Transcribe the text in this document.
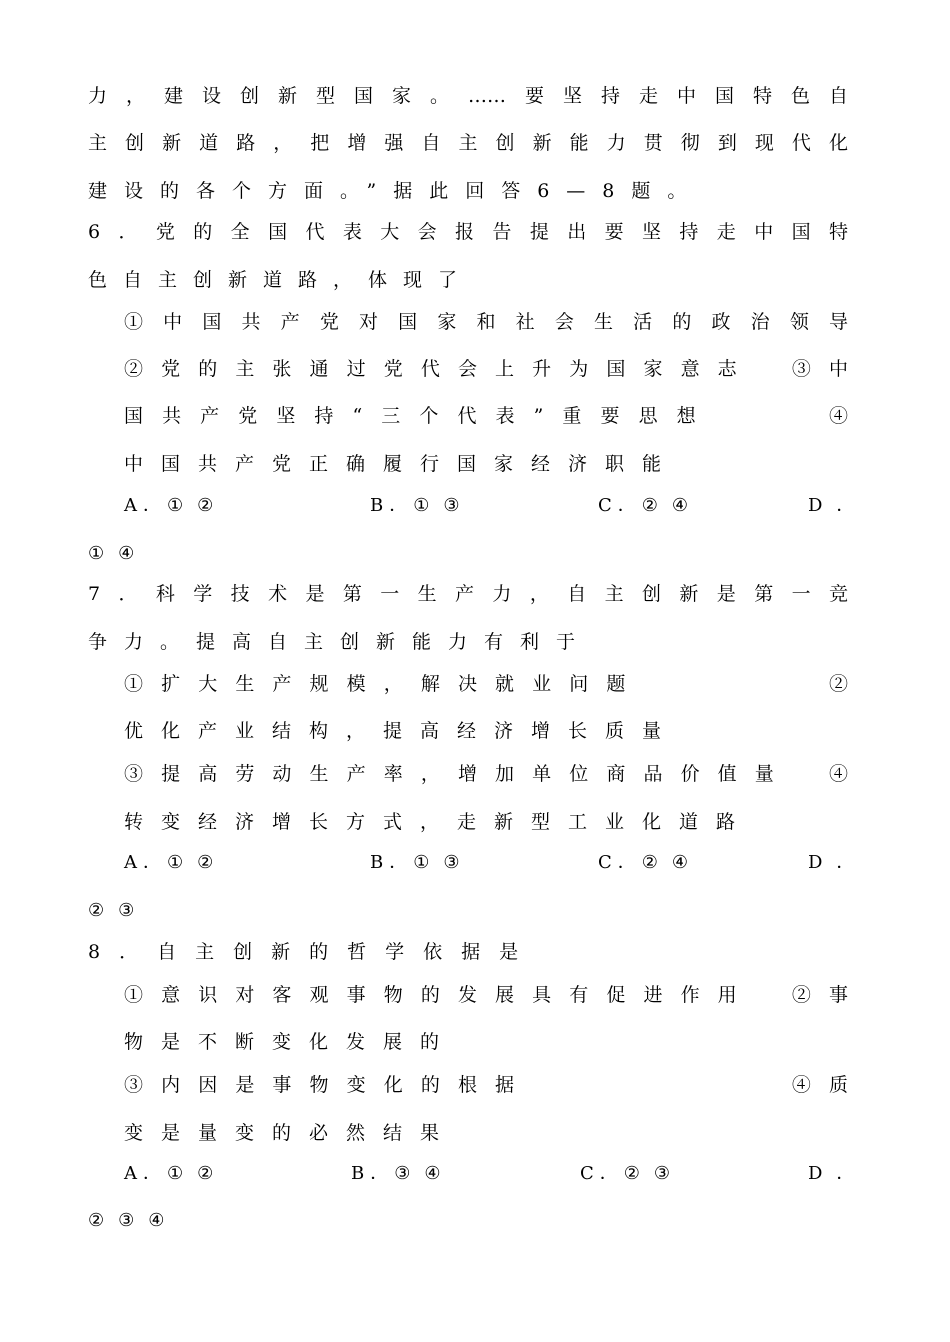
力，建设创新型国家。……要坚持走中国特色自
主创新道路，把增强自主创新能力贯彻到现代化
建设的各个方面。”据此回答6—8题。
6．党的全国代表大会报告提出要坚持走中国特
色自主创新道路，体现了
①中国共产党对国家和社会生活的政治领导
②党的主张通过党代会上升为国家意志　③中
国共产党坚持“三个代表”重要思想　　　④
中国共产党正确履行国家经济职能
A．①②	B．①③	C．②④	D．
①④
7．科学技术是第一生产力，自主创新是第一竞
争力。提高自主创新能力有利于
①扩大生产规模，解决就业问题　　　　　②
优化产业结构，提高经济增长质量
③提高劳动生产率，增加单位商品价值量　④
转变经济增长方式，走新型工业化道路
A．①②	B．①③	C．②④	D．
②③
8．自主创新的哲学依据是
①意识对客观事物的发展具有促进作用　②事
物是不断变化发展的
③内因是事物变化的根据　　　　　　　④质
变是量变的必然结果
A．①②	B．③④	C．②③	D．
②③④
